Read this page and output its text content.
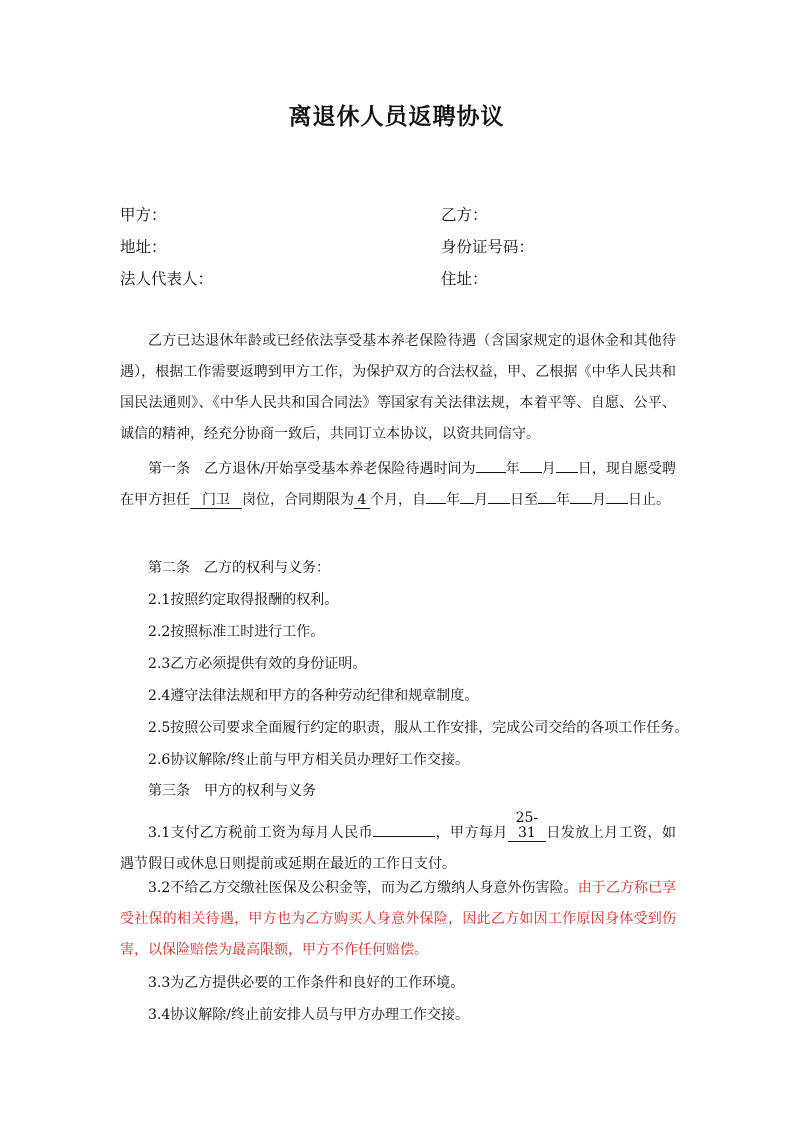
离退休人员返聘协议
甲方：	乙方：
地址：	身份证号码：
法人代表人：	住址：

乙方已达退休年龄或已经依法享受基本养老保险待遇（含国家规定的退休金和其他待遇），根据工作需要返聘到甲方工作，为保护双方的合法权益，甲、乙根据《中华人民共和国民法通则》、《中华人民共和国合同法》等国家有关法律法规，本着平等、自愿、公平、诚信的精神，经充分协商一致后，共同订立本协议，以资共同信守。

第一条　乙方退休/开始享受基本养老保险待遇时间为 年 月 日，现自愿受聘在甲方担任 门卫 岗位，合同期限为 4 个月，自 年 月 日至 年 月 日止。

第二条　乙方的权利与义务：
2.1按照约定取得报酬的权利。
2.2按照标准工时进行工作。
2.3乙方必须提供有效的身份证明。
2.4遵守法律法规和甲方的各种劳动纪律和规章制度。
2.5按照公司要求全面履行约定的职责，服从工作安排，完成公司交给的各项工作任务。
2.6协议解除/终止前与甲方相关员办理好工作交接。
第三条　甲方的权利与义务

3.1支付乙方税前工资为每月人民币	，甲方每月25-31 日发放上月工资，如遇节假日或休息日则提前或延期在最近的工作日支付。

3.2不给乙方交缴社医保及公积金等，而为乙方缴纳人身意外伤害险。由于乙方称已享受社保的相关待遇，甲方也为乙方购买人身意外保险，因此乙方如因工作原因身体受到伤害，以保险赔偿为最高限额，甲方不作任何赔偿。

3.3为乙方提供必要的工作条件和良好的工作环境。
3.4协议解除/终止前安排人员与甲方办理工作交接。
